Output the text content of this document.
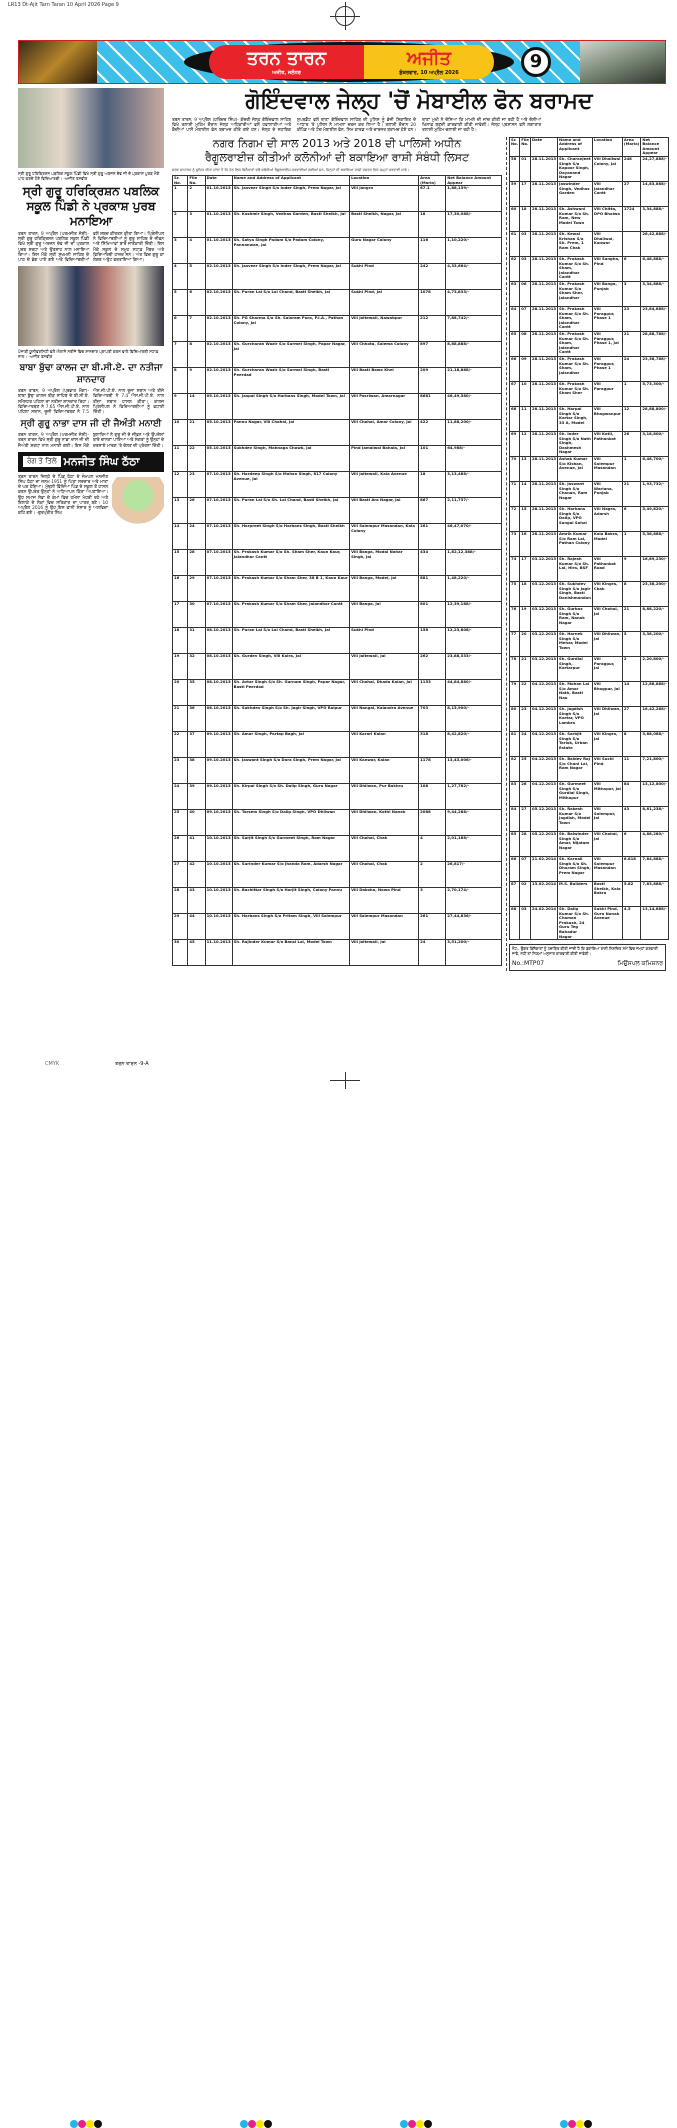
LR13 Dt-Ajit Tarn Taran 10 April 2026 Page 9
ਤਰਨ ਤਾਰਨ
ਅਜੀਤ, ਜਲੰਧਰ
ਅਜੀਤ
ਸ਼ੁੱਕਰਵਾਰ, 10 ਅਪ੍ਰੈਲ 2026
9
ਸ੍ਰੀ ਗੁਰੂ ਹਰਿਕ੍ਰਿਸ਼ਨ ਪਬਲਿਕ ਸਕੂਲ ਪਿੰਡੀ ਵਿਖੇ ਸ੍ਰੀ ਗੁਰੂ ਅਰਜਨ ਦੇਵ ਜੀ ਦੇ ਪ੍ਰਕਾਸ਼ ਪੁਰਬ ਮੌਕੇ ਪਾਠ ਕਰਦੇ ਹੋਏ ਵਿਦਿਆਰਥੀ। -ਅਜੀਤ ਤਸਵੀਰ
ਸ੍ਰੀ ਗੁਰੂ ਹਰਿਕ੍ਰਿਸ਼ਨ ਪਬਲਿਕ ਸਕੂਲ ਪਿੰਡੀ ਨੇ ਪ੍ਰਕਾਸ਼ ਪੁਰਬ ਮਨਾਇਆ
ਤਰਨ ਤਾਰਨ, 9 ਅਪ੍ਰੈਲ (ਪਰਮਜੀਤ ਜੋਸ਼ੀ)- ਸ੍ਰੀ ਗੁਰੂ ਹਰਿਕ੍ਰਿਸ਼ਨ ਪਬਲਿਕ ਸਕੂਲ ਪਿੰਡੀ ਵਿਖੇ ਸ੍ਰੀ ਗੁਰੂ ਅਰਜਨ ਦੇਵ ਜੀ ਦਾ ਪ੍ਰਕਾਸ਼ ਪੁਰਬ ਸ਼ਰਧਾ ਅਤੇ ਉਤਸ਼ਾਹ ਨਾਲ ਮਨਾਇਆ ਗਿਆ। ਇਸ ਮੌਕੇ ਸ੍ਰੀ ਸੁਖਮਨੀ ਸਾਹਿਬ ਦੇ ਪਾਠ ਦੇ ਭੋਗ ਪਾਏ ਗਏ ਅਤੇ ਵਿਦਿਆਰਥੀਆਂ ਵਲੋਂ ਸ਼ਬਦ ਕੀਰਤਨ ਕੀਤਾ ਗਿਆ। ਪ੍ਰਿੰਸੀਪਲ ਨੇ ਵਿਦਿਆਰਥੀਆਂ ਨੂੰ ਗੁਰੂ ਸਾਹਿਬ ਦੇ ਜੀਵਨ ਅਤੇ ਸਿੱਖਿਆਵਾਂ ਬਾਰੇ ਜਾਣਕਾਰੀ ਦਿੱਤੀ। ਇਸ ਮੌਕੇ ਸਕੂਲ ਦੇ ਸਮੂਹ ਸਟਾਫ਼ ਮੈਂਬਰ ਅਤੇ ਵਿਦਿਆਰਥੀ ਹਾਜ਼ਰ ਸਨ। ਅੰਤ ਵਿਚ ਗੁਰੂ ਕਾ ਲੰਗਰ ਅਤੁੱਟ ਵਰਤਾਇਆ ਗਿਆ।
ਪੰਜਾਬੀ ਯੂਨੀਵਰਸਿਟੀ ਵਲੋਂ ਐਲਾਨੇ ਨਤੀਜੇ ਵਿਚ ਸ਼ਾਨਦਾਰ ਪ੍ਰਾਪਤੀ ਕਰਨ ਵਾਲੇ ਵਿਦਿਆਰਥੀ ਸਟਾਫ਼ ਨਾਲ। -ਅਜੀਤ ਤਸਵੀਰ
ਬਾਬਾ ਬੁੱਢਾ ਕਾਲਜ ਦਾ ਬੀ.ਸੀ.ਏ. ਦਾ ਨਤੀਜਾ ਸ਼ਾਨਦਾਰ
ਤਰਨ ਤਾਰਨ, 9 ਅਪ੍ਰੈਲ (ਪ੍ਰਭਾਤ ਮੌਂਗਾ)- ਬਾਬਾ ਬੁੱਢਾ ਕਾਲਜ ਬੀੜ ਸਾਹਿਬ ਦੇ ਬੀ.ਸੀ.ਏ. ਸਮੈਸਟਰ ਪਹਿਲਾ ਦਾ ਨਤੀਜਾ ਸ਼ਾਨਦਾਰ ਰਿਹਾ। ਵਿਦਿਆਰਥਣ ਨੇ 7.65 ਐਸ.ਜੀ.ਪੀ.ਏ. ਨਾਲ ਪਹਿਲਾ ਸਥਾਨ, ਦੂਜੀ ਵਿਦਿਆਰਥਣ ਨੇ 7.5 ਐਸ.ਜੀ.ਪੀ.ਏ. ਨਾਲ ਦੂਜਾ ਸਥਾਨ ਅਤੇ ਤੀਜੇ ਵਿਦਿਆਰਥੀ ਨੇ 7.4 ਐਸ.ਜੀ.ਪੀ.ਏ. ਨਾਲ ਤੀਜਾ ਸਥਾਨ ਹਾਸਲ ਕੀਤਾ। ਕਾਲਜ ਪ੍ਰਿੰਸੀਪਲ ਨੇ ਵਿਦਿਆਰਥੀਆਂ ਨੂੰ ਵਧਾਈ ਦਿੱਤੀ।
ਸ੍ਰੀ ਗੁਰੂ ਨਾਭਾ ਦਾਸ ਜੀ ਦੀ ਜੈਅੰਤੀ ਮਨਾਈ
ਤਰਨ ਤਾਰਨ, 9 ਅਪ੍ਰੈਲ (ਪਰਮਜੀਤ ਜੋਸ਼ੀ)- ਤਰਨ ਤਾਰਨ ਵਿਖੇ ਸ੍ਰੀ ਗੁਰੂ ਨਾਭਾ ਦਾਸ ਜੀ ਦੀ ਜੈਅੰਤੀ ਸ਼ਰਧਾ ਨਾਲ ਮਨਾਈ ਗਈ। ਇਸ ਮੌਕੇ ਬੁਲਾਰਿਆਂ ਨੇ ਗੁਰੂ ਜੀ ਦੇ ਜੀਵਨ ਅਤੇ ਉਪਦੇਸ਼ਾਂ ਬਾਰੇ ਚਾਨਣਾ ਪਾਇਆ ਅਤੇ ਸੰਗਤਾਂ ਨੂੰ ਉਨ੍ਹਾਂ ਦੇ ਦਰਸਾਏ ਮਾਰਗ 'ਤੇ ਚੱਲਣ ਦੀ ਪ੍ਰੇਰਨਾ ਦਿੱਤੀ।
ਰੰਗ ਤੇ ਤਿਲੇ ਮਨਜੀਤ ਸਿੰਘ ਠੱਠਾ
ਤਰਨ ਤਾਰਨ ਜ਼ਿਲ੍ਹੇ ਦੇ ਪਿੰਡ ਠੱਠਾ ਦੇ ਜੰਮਪਲ ਮਨਜੀਤ ਸਿੰਘ ਠੱਠਾ ਦਾ ਜਨਮ 1951 ਨੂੰ ਪਿਤਾ ਸਰਦਾਰ ਅਤੇ ਮਾਤਾ ਦੇ ਘਰ ਹੋਇਆ। ਮੁੱਢਲੀ ਵਿੱਦਿਆ ਪਿੰਡ ਦੇ ਸਕੂਲ ਤੋਂ ਹਾਸਲ ਕਰਨ ਉਪਰੰਤ ਉਨ੍ਹਾਂ ਨੇ ਅਧਿਆਪਨ ਕਿੱਤਾ ਅਪਣਾਇਆ। ਉਹ ਸਮਾਜ ਸੇਵਾ ਦੇ ਕੰਮਾਂ ਵਿਚ ਹਮੇਸ਼ਾ ਮੋਹਰੀ ਰਹੇ ਅਤੇ ਇਲਾਕੇ ਦੇ ਲੋਕਾਂ ਵਿਚ ਸਤਿਕਾਰ ਦਾ ਪਾਤਰ ਬਣੇ। 10 ਅਪ੍ਰੈਲ 2016 ਨੂੰ ਉਹ ਇਸ ਫਾਨੀ ਸੰਸਾਰ ਨੂੰ ਅਲਵਿਦਾ ਕਹਿ ਗਏ। -ਗੁਰਪ੍ਰੀਤ ਸਿੰਘ
ਗੋਇੰਦਵਾਲ ਜੇਲ੍ਹ 'ਚੋਂ ਮੋਬਾਈਲ ਫੋਨ ਬਰਾਮਦ
ਤਰਨ ਤਾਰਨ, 9 ਅਪ੍ਰੈਲ (ਹਰਿੰਦਰ ਸਿੰਘ)- ਕੇਂਦਰੀ ਜੇਲ੍ਹ ਗੋਇੰਦਵਾਲ ਸਾਹਿਬ ਵਿਖੇ ਤਲਾਸ਼ੀ ਮੁਹਿੰਮ ਦੌਰਾਨ ਜੇਲ੍ਹ ਅਧਿਕਾਰੀਆਂ ਵਲੋਂ ਹਵਾਲਾਤੀਆਂ ਅਤੇ ਕੈਦੀਆਂ ਪਾਸੋਂ ਮੋਬਾਈਲ ਫੋਨ ਬਰਾਮਦ ਕੀਤੇ ਗਏ ਹਨ। ਜੇਲ੍ਹ ਦੇ ਸਹਾਇਕ ਸੁਪਰਡੈਂਟ ਵਲੋਂ ਥਾਣਾ ਗੋਇੰਦਵਾਲ ਸਾਹਿਬ ਦੀ ਪੁਲਿਸ ਨੂੰ ਭੇਜੀ ਸ਼ਿਕਾਇਤ ਦੇ ਆਧਾਰ 'ਤੇ ਪੁਲਿਸ ਨੇ ਮਾਮਲਾ ਦਰਜ ਕਰ ਲਿਆ ਹੈ। ਤਲਾਸ਼ੀ ਦੌਰਾਨ 20 ਕੀਪੈਡ ਅਤੇ ਟੱਚ ਮੋਬਾਈਲ ਫੋਨ, ਸਿਮ ਕਾਰਡ ਅਤੇ ਚਾਰਜਰ ਬਰਾਮਦ ਹੋਏ ਹਨ। ਥਾਣਾ ਮੁਖੀ ਨੇ ਦੱਸਿਆ ਕਿ ਮਾਮਲੇ ਦੀ ਜਾਂਚ ਕੀਤੀ ਜਾ ਰਹੀ ਹੈ ਅਤੇ ਦੋਸ਼ੀਆਂ ਖ਼ਿਲਾਫ਼ ਬਣਦੀ ਕਾਰਵਾਈ ਕੀਤੀ ਜਾਵੇਗੀ। ਜੇਲ੍ਹ ਪ੍ਰਸ਼ਾਸਨ ਵਲੋਂ ਲਗਾਤਾਰ ਤਲਾਸ਼ੀ ਮੁਹਿੰਮ ਚਲਾਈ ਜਾ ਰਹੀ ਹੈ।
ਨਗਰ ਨਿਗਮ ਦੀ ਸਾਲ 2013 ਅਤੇ 2018 ਦੀ ਪਾਲਿਸੀ ਅਧੀਨ
ਰੈਗੂਲਰਾਈਜ਼ ਕੀਤੀਆਂ ਕਲੋਨੀਆਂ ਦੀ ਬਕਾਇਆ ਰਾਸ਼ੀ ਸੰਬੰਧੀ ਲਿਸਟ
ਸਰਵ ਸਾਧਾਰਨ ਨੂੰ ਸੂਚਿਤ ਕੀਤਾ ਜਾਂਦਾ ਹੈ ਕਿ ਹੇਠ ਲਿਖੇ ਬਿਨੈਕਾਰਾਂ ਵਲੋਂ ਕਲੋਨੀਆਂ ਰੈਗੂਲਰਾਈਜ਼ ਕਰਵਾਈਆਂ ਗਈਆਂ ਸਨ, ਜਿਨ੍ਹਾਂ ਦੀ ਬਕਾਇਆ ਰਾਸ਼ੀ ਦਫ਼ਤਰ ਵਿਖੇ ਜਮ੍ਹਾਂ ਕਰਵਾਈ ਜਾਵੇ।
Sr. No.	File No.	Date	Name and Address of Applicant	Location	Area (Marla)	Net Balance Amount Appear
1	2	01.10.2013	Sh. Jasveer Singh S/o Inder Singh, Prem Nagar, Jal	Vill Jangra	67.1	1,88,139/-
2	3	01.10.2013	Sh. Kashmir Singh, Vedhas Garden, Basti Sheikh, Jal	Basti Sheikh, Nagar, Jal	18	17,30,088/-
3	4	01.10.2013	Sh. Satya Singh Padam S/o Padam Colony, Pannanwan, Jal	Guru Nagar Colony	116	1,10,220/-
4	5	02.10.2013	Sh. Jasveer Singh S/o Inder Singh, Prem Nagar, Jal	Sukhi Pind	242	4,33,664/-
5	6	02.10.2013	Sh. Puran Lal S/o Lal Chand, Basti Sheikh, Jal	Sukhi Pind, Jal	1078	4,73,833/-
6	7	02.10.2013	Sh. PG Sharma S/o Sh. Salaram Pura, P.I.A., Pathan Colony, Jal	Vill Jaitewali, Nawabpur	212	7,88,742/-
7	8	02.10.2013	Sh. Gurcharan Wazir S/o Surmel Singh, Papar Nagar, Jal	Vill Chhota, Salema Colony	897	8,88,888/-
8	9	02.10.2013	Sh. Gurcharan Wazir S/o Surmel Singh, Basti Peerdad	Vill Basti Bawa Khel	209	21,18,888/-
9	14	05.10.2013	Sh. Jaspal Singh S/o Harbans Singh, Model Town, Jal	Vill Pasriwan, Amarnagar	8681	46,49,380/-
10	21	05.10.2013	Pannu Nagar, Vill Chohal, Jal	Vill Chohal, Amar Colony, Jal	422	11,88,200/-
11	22	05.10.2013	Sukhdev Singh, Mahnaga Chowk, Jal	Pind Jamalwal Bahala, Jal	101	64,988/-
12	23	07.10.2013	Sh. Hardeep Singh S/o Mohan Singh, 817 Colony Avenue, Jal	Vill Jaitewali, Kala Avenue	18	3,13,488/-
13	26	07.10.2013	Sh. Puran Lal S/o Sh. Lal Chand, Basti Sheikh, Jal	Vill Basti Ara Nagar, Jal	867	2,11,737/-
14	24	07.10.2013	Sh. Harpreet Singh S/o Harbans Singh, Basti Sheikh	Vill Salempur Masandan, Kala Colony	261	46,47,070/-
15	28	07.10.2013	Sh. Prakash Kumar S/o Sh. Sham Sher, Kaun Kaur, Jalandhar Cantt	Vill Banga, Modal Nahar Singh, Jal	434	1,82,12,388/-
16	29	07.10.2013	Sh. Prakash Kumar S/o Sham Sher, 38 B 1, Kaun Kaur	Vill Banga, Model, Jal	881	1,48,220/-
17	30	07.10.2013	Sh. Prakash Kumar S/o Sham Sher, Jalandhar Cantt	Vill Banga, Jal	801	12,39,188/-
18	31	08.10.2013	Sh. Puran Lal S/o Lal Chand, Basti Sheikh, Jal	Sukhi Pind	158	12,23,808/-
19	32	08.10.2013	Sh. Gurdev Singh, Vill Kalra, Jal	Vill Jaitewali, Jal	262	23,88,333/-
20	35	08.10.2013	Sh. Avtar Singh S/o Sh. Gurnam Singh, Papar Nagar, Basti Peerdad	Vill Chohal, Dhada Kalan, Jal	1153	44,84,880/-
21	36	08.10.2013	Sh. Sukhdev Singh S/o Sh. Jagir Singh, VPO Raipur	Vill Nangal, Kalandra Avenue	703	8,15,900/-
22	37	09.10.2013	Sh. Amar Singh, Partap Bagh, Jal	Vill Karari Kalan	318	8,42,820/-
23	38	09.10.2013	Sh. Jaswant Singh S/o Dara Singh, Prem Nagar, Jal	Vill Kanwar, Kalan	1178	13,43,006/-
24	39	09.10.2013	Sh. Kirpal Singh S/o Sh. Dalip Singh, Guru Nagar	Vill Dhilwan, Pur Bakhru	108	1,27,782/-
25	40	09.10.2013	Sh. Tarsem Singh S/o Dalip Singh, VPO Dhilwan	Vill Dhilwan, Kothi Nanak	2088	9,44,288/-
26	41	10.10.2013	Sh. Surjit Singh S/o Gurmeet Singh, Ram Nagar	Vill Chohal, Chak	4	2,01,188/-
27	42	10.10.2013	Sh. Surinder Kumar S/o Jhanda Ram, Adarsh Nagar	Vill Chohal, Chak	2	26,817/-
28	43	10.10.2013	Sh. Bachittar Singh S/o Harjit Singh, Colony Pannu	Vill Dakoha, Nawa Pind	3	2,70,174/-
29	44	10.10.2013	Sh. Harbans Singh S/o Pritam Singh, Vill Salempur	Vill Salempur Masandan	261	27,44,836/-
30	45	11.10.2013	Sh. Rajinder Kumar S/o Bansi Lal, Model Town	Vill Jaitewali, Jal	24	3,51,200/-
Sr. No.	File No.	Date	Name and Address of Applicant	Location	Area (Marla)	Net Balance Amount Appear
58	01	28.11.2013	Sh. Charanjeet Singh S/o Kapoor Singh, Dayanand Nagar	Vill Dhaliwal Colony, Jal	248	24,27,888/-
59	17	28.11.2013	Jaswinder Singh, Vedhas Garden	Vill Jalandhar Cantt	27	14,83,888/-
60	18	28.11.2013	Sh. Ashwani Kumar S/o Sh. Ram, New Model Town	Vill Chitta, DPO Bhalwa	1724	3,34,888/-
61	03	28.11.2013	Sh. Kewal Krishan S/o Sh. Prem, 1 Ram Chak	Vill Dhaliwal, Kanwar		26,42,888/-
62	03	28.11.2013	Sh. Prakash Kumar S/o Sh. Sham, Jalandhar Cantt	Vill Sangha, Pind	6	6,48,888/-
63	06	28.11.2013	Sh. Prakash Kumar S/o Sham Sher, Jalandhar	Vill Banga, Punjab	3	3,34,888/-
64	07	28.11.2013	Sh. Prakash Kumar S/o Sh. Sham, Jalandhar Cantt	Vill Paragpur, Phase 1	23	23,84,888/-
65	08	28.11.2013	Sh. Prakash Kumar S/o Sh. Sham, Jalandhar Cantt	Vill Paragpur, Phase 1, Jal	21	28,88,788/-
66	09	28.11.2013	Sh. Prakash Kumar S/o Sh. Sham, Jalandhar	Vill Paragpur, Phase 1	24	23,38,788/-
67	10	28.11.2013	Sh. Prakash Kumar S/o Sh. Sham Sher	Vill Paragpur	1	5,73,300/-
68	11	28.11.2013	Sh. Harpal Singh S/o Kartar Singh, 33 A, Model	Vill Bhagwanpur	12	28,88,800/-
69	12	28.11.2013	Sh. Inder Singh S/o Nath Singh, Dashmesh Nagar	Vill Kotli, Pathankot	26	3,18,800/-
70	13	28.11.2013	Ashok Kumar S/o Kishan, Avenue, Jal	Vill Salempur Masandan	1	6,48,700/-
71	14	28.11.2013	Sh. Jaswant Singh S/o Chanan, Ram Nagar	Vill Wariana, Punjab	21	1,93,732/-
72	15	28.11.2013	Sh. Harbans Singh S/o Dalip, VPO Sangal Sohal	Vill Nagra, Adarsh	6	5,49,820/-
73	16	28.11.2013	Amrik Kumar S/o Ram Lal, Pathan Colony	Kala Bakra, Model	1	5,36,888/-
74	17	03.12.2013	Sh. Rajesh Kumar S/o Sh. Lal, Hira, BSF	Vill Pathankot Road	9	16,89,230/-
75	18	03.12.2013	Sh. Sukhdev Singh S/o Jagir Singh, Basti Danishmandan	Vill Kingra, Chak	8	23,38,200/-
76	19	03.12.2013	Sh. Gurbax Singh S/o Ram, Nanak Nagar	Vill Chohal, Jal	21	8,88,220/-
77	20	03.12.2013	Sh. Harnek Singh S/o Mehar, Model Town	Vill Dhilwan, Jal	5	3,38,200/-
78	21	03.12.2013	Sh. Gurdial Singh, Kartarpur	Vill Paragpur, Jal	2	2,20,800/-
79	22	04.12.2013	Sh. Mohan Lal S/o Amar Nath, Basti Nau	Vill Bhogpur, Jal	14	12,88,888/-
80	23	04.12.2013	Sh. Jagdish Singh S/o Kartar, VPO Lambra	Vill Dhilwan, Jal	27	18,42,288/-
81	24	04.12.2013	Sh. Sarbjit Singh S/o Tarlok, Urban Estate	Vill Kingra, Jal	8	3,88,088/-
82	25	04.12.2013	Sh. Baldev Raj S/o Chuni Lal, Ram Nagar	Vill Suchi Pind	11	7,21,800/-
83	26	04.12.2013	Sh. Gurmeet Singh S/o Gurdial Singh, Mithapur	Vill Mithapur, Jal	84	13,12,800/-
84	27	05.12.2013	Sh. Rakesh Kumar S/o Jagdish, Model Town	Vill Salempur, Jal	43	8,81,238/-
85	28	05.12.2013	Sh. Balwinder Singh S/o Amar, Nijatam Nagar	Vill Chohal, Jal	6	4,88,280/-
86	07	21.02.2014	Sh. Karnail Singh S/o Sh. Dharam Singh, Prem Nagar	Vill Salempur Masandan	6.818	7,84,888/-
87	02	13.02.2014	M.S. Builders	Basti Sheikh, Kala Bakra	5.82	7,83,888/-
88	03	24.02.2014	Sh. Dalip Kumar S/o Sh. Chaman Prakash, 24 Guru Teg Bahadur Nagar	Sukhi Pind, Guru Nanak Avenue	4.5	13,14,888/-
ਨੋਟ:- ਉਕਤ ਬਿਨੈਕਾਰਾਂ ਨੂੰ ਹਦਾਇਤ ਕੀਤੀ ਜਾਂਦੀ ਹੈ ਕਿ ਬਕਾਇਆ ਰਾਸ਼ੀ ਨਿਸ਼ਚਿਤ ਸਮੇਂ ਵਿਚ ਜਮ੍ਹਾਂ ਕਰਵਾਈ ਜਾਵੇ, ਨਹੀਂ ਤਾਂ ਨਿਯਮਾਂ ਅਨੁਸਾਰ ਕਾਰਵਾਈ ਕੀਤੀ ਜਾਵੇਗੀ।
No.:MTP07	ਮਿਉਂਸਪਲ ਕਮਿਸ਼ਨਰ
CMYK	ਤਰਨ ਤਾਰਨ -9-A
